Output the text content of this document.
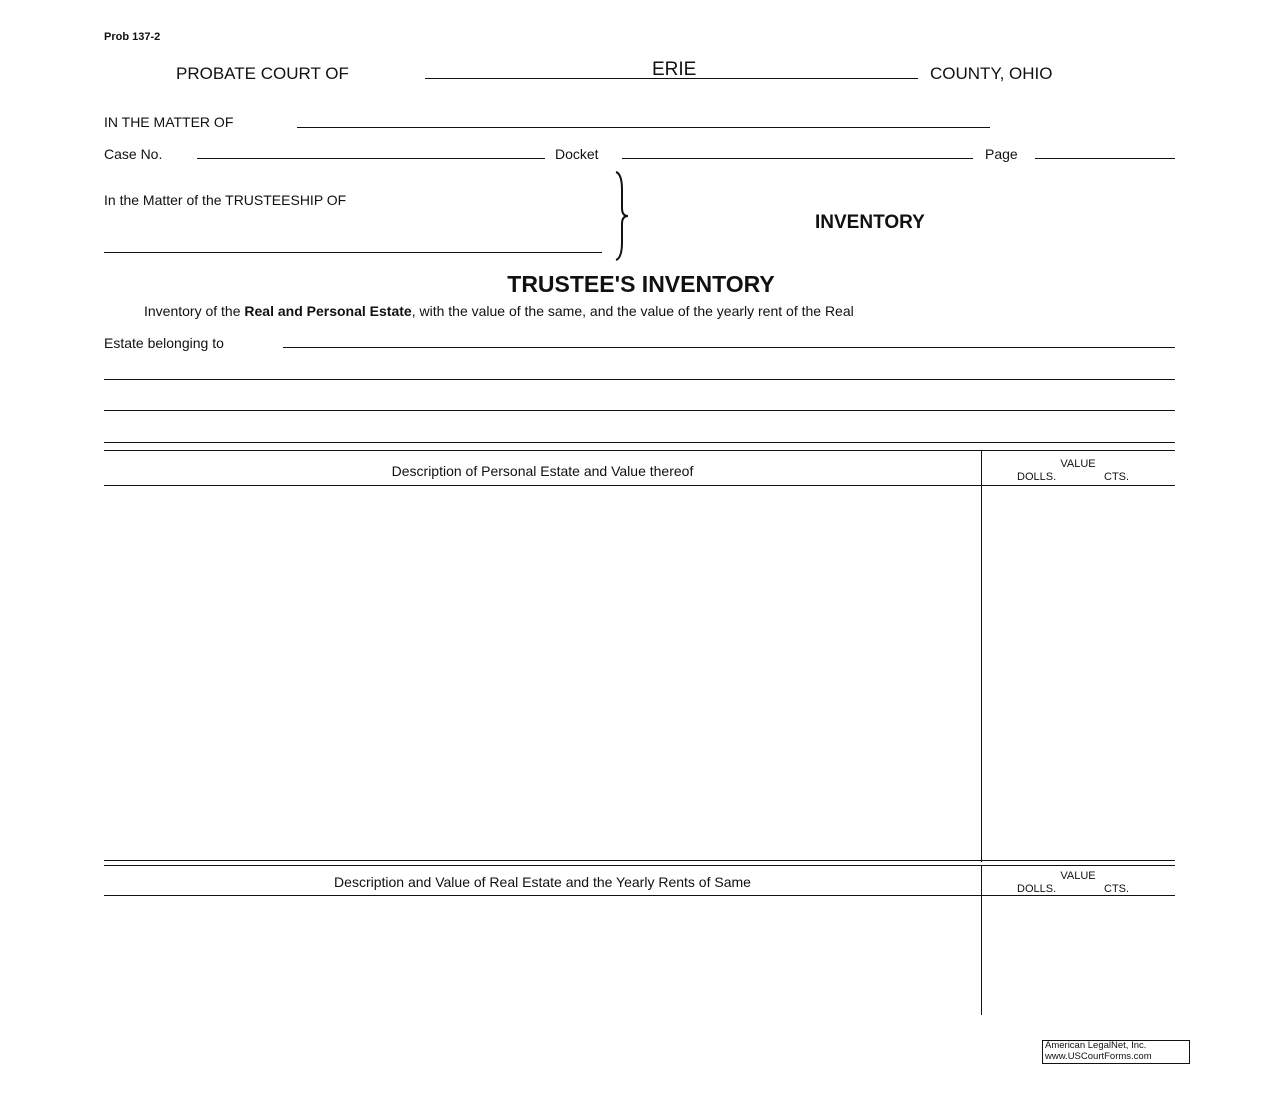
Prob 137-2
PROBATE COURT OF	ERIE	COUNTY, OHIO
IN THE MATTER OF
Case No.	Docket	Page
In the Matter of the TRUSTEESHIP OF
INVENTORY
TRUSTEE'S INVENTORY
Inventory of the Real and Personal Estate, with the value of the same, and the value of the yearly rent of the Real
Estate belonging to
Description of Personal Estate and Value thereof	VALUE
DOLLS.	CTS.
Description and Value of Real Estate and the Yearly Rents of Same	VALUE
DOLLS.	CTS.
American LegalNet, Inc.
www.USCourtForms.com
